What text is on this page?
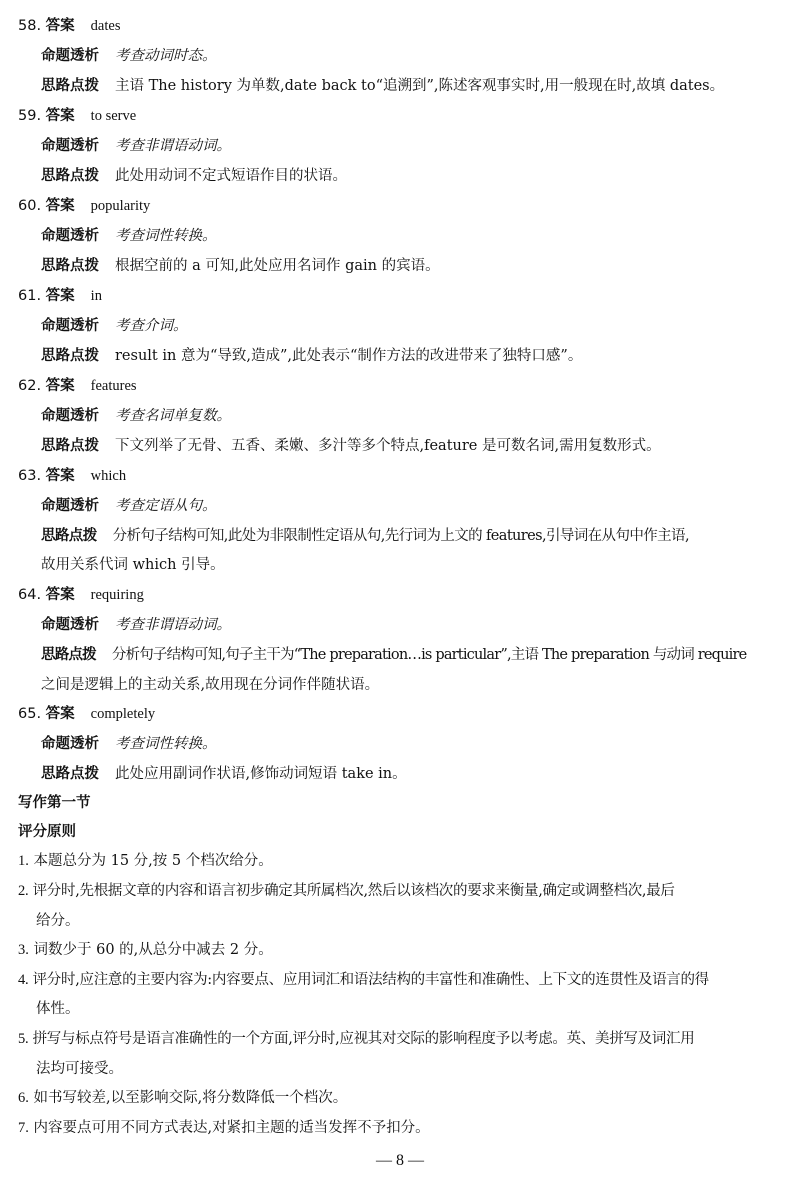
58. 答案 dates
命题透析 考查动词时态。
思路点拨 主语 The history 为单数,date back to“追溯到”,陈述客观事实时,用一般现在时,故填 dates。
59. 答案 to serve
命题透析 考查非谓语动词。
思路点拨 此处用动词不定式短语作目的状语。
60. 答案 popularity
命题透析 考查词性转换。
思路点拨 根据空前的 a 可知,此处应用名词作 gain 的宾语。
61. 答案 in
命题透析 考查介词。
思路点拨 result in 意为“导致,造成”,此处表示“制作方法的改进带来了独特口感”。
62. 答案 features
命题透析 考查名词单复数。
思路点拨 下文列举了无骨、五香、柔嫩、多汁等多个特点,feature 是可数名词,需用复数形式。
63. 答案 which
命题透析 考查定语从句。
思路点拨 分析句子结构可知,此处为非限制性定语从句,先行词为上文的 features,引导词在从句中作主语,
故用关系代词 which 引导。
64. 答案 requiring
命题透析 考查非谓语动词。
思路点拨 分析句子结构可知,句子主干为“The preparation…is particular”,主语 The preparation 与动词 require
之间是逻辑上的主动关系,故用现在分词作伴随状语。
65. 答案 completely
命题透析 考查词性转换。
思路点拨 此处应用副词作状语,修饰动词短语 take in。
写作第一节
评分原则
1. 本题总分为 15 分,按 5 个档次给分。
2. 评分时,先根据文章的内容和语言初步确定其所属档次,然后以该档次的要求来衡量,确定或调整档次,最后
给分。
3. 词数少于 60 的,从总分中减去 2 分。
4. 评分时,应注意的主要内容为:内容要点、应用词汇和语法结构的丰富性和准确性、上下文的连贯性及语言的得
体性。
5. 拼写与标点符号是语言准确性的一个方面,评分时,应视其对交际的影响程度予以考虑。英、美拼写及词汇用
法均可接受。
6. 如书写较差,以至影响交际,将分数降低一个档次。
7. 内容要点可用不同方式表达,对紧扣主题的适当发挥不予扣分。
— 8 —
